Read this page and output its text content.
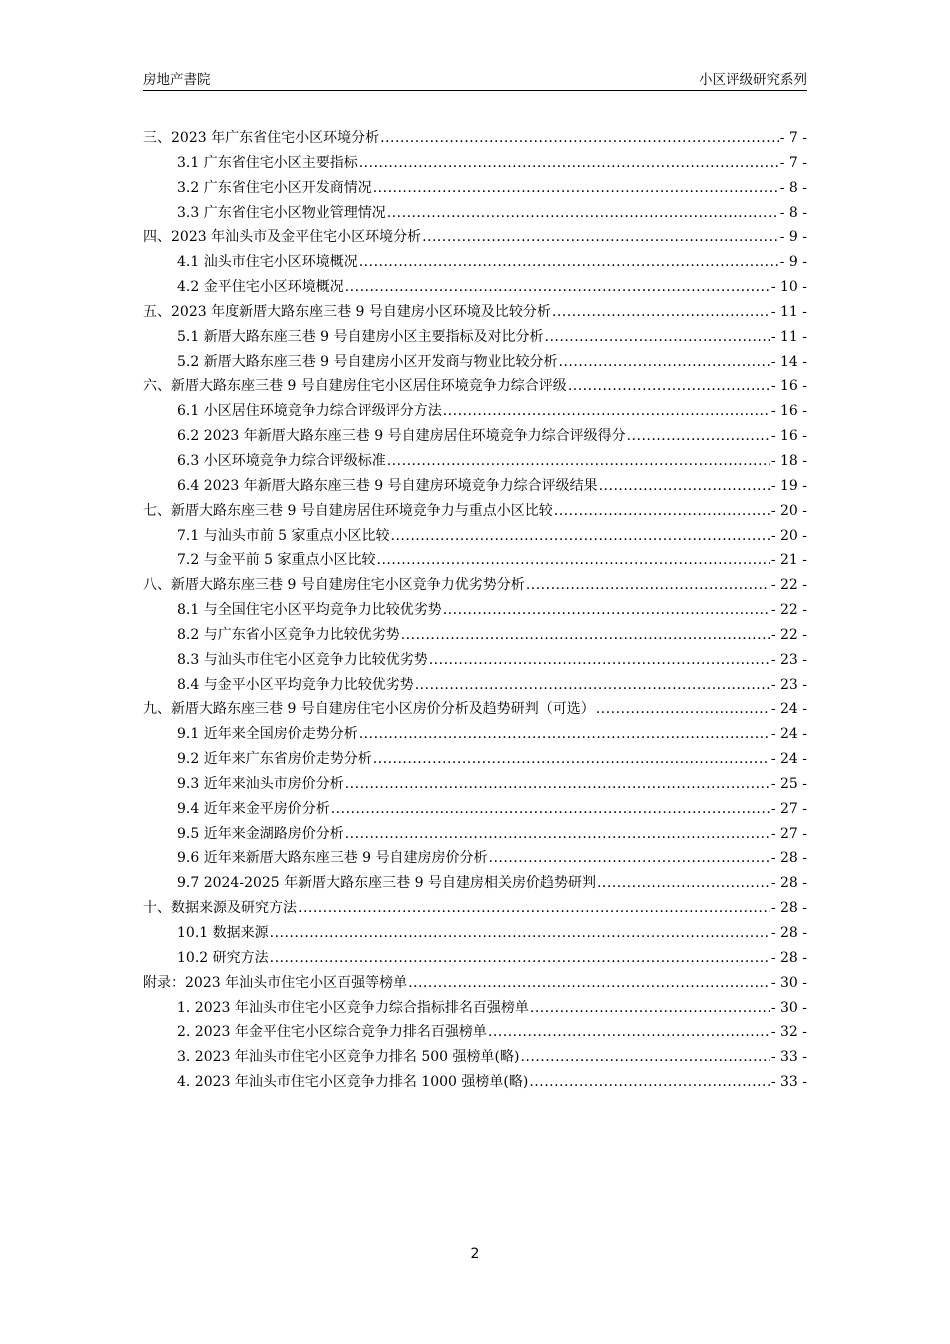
房地产書院	小区评级研究系列
三、2023 年广东省住宅小区环境分析 .....	- 7 -
3.1 广东省住宅小区主要指标 .....	- 7 -
3.2 广东省住宅小区开发商情况 .....	- 8 -
3.3 广东省住宅小区物业管理情况 .....	- 8 -
四、2023 年汕头市及金平住宅小区环境分析 .....	- 9 -
4.1 汕头市住宅小区环境概况 .....	- 9 -
4.2 金平住宅小区环境概况 .....	- 10 -
五、2023 年度新厝大路东座三巷 9 号自建房小区环境及比较分析 .....	- 11 -
5.1 新厝大路东座三巷 9 号自建房小区主要指标及对比分析 .....	- 11 -
5.2 新厝大路东座三巷 9 号自建房小区开发商与物业比较分析 .....	- 14 -
六、新厝大路东座三巷 9 号自建房住宅小区居住环境竞争力综合评级 .....	- 16 -
6.1 小区居住环境竞争力综合评级评分方法 .....	- 16 -
6.2 2023 年新厝大路东座三巷 9 号自建房居住环境竞争力综合评级得分 .....	- 16 -
6.3 小区环境竞争力综合评级标准 .....	- 18 -
6.4 2023 年新厝大路东座三巷 9 号自建房环境竞争力综合评级结果 .....	- 19 -
七、新厝大路东座三巷 9 号自建房居住环境竞争力与重点小区比较 .....	- 20 -
7.1 与汕头市前 5 家重点小区比较 .....	- 20 -
7.2 与金平前 5 家重点小区比较 .....	- 21 -
八、新厝大路东座三巷 9 号自建房住宅小区竞争力优劣势分析 .....	- 22 -
8.1 与全国住宅小区平均竞争力比较优劣势 .....	- 22 -
8.2 与广东省小区竞争力比较优劣势 .....	- 22 -
8.3 与汕头市住宅小区竞争力比较优劣势 .....	- 23 -
8.4 与金平小区平均竞争力比较优劣势 .....	- 23 -
九、新厝大路东座三巷 9 号自建房住宅小区房价分析及趋势研判（可选） .....	- 24 -
9.1 近年来全国房价走势分析 .....	- 24 -
9.2 近年来广东省房价走势分析 .....	- 24 -
9.3 近年来汕头市房价分析 .....	- 25 -
9.4 近年来金平房价分析 .....	- 27 -
9.5 近年来金湖路房价分析 .....	- 27 -
9.6 近年来新厝大路东座三巷 9 号自建房房价分析 .....	- 28 -
9.7 2024-2025 年新厝大路东座三巷 9 号自建房相关房价趋势研判 .....	- 28 -
十、数据来源及研究方法 .....	- 28 -
10.1 数据来源 .....	- 28 -
10.2 研究方法 .....	- 28 -
附录：2023 年汕头市住宅小区百强等榜单 .....	- 30 -
1. 2023 年汕头市住宅小区竞争力综合指标排名百强榜单 .....	- 30 -
2. 2023 年金平住宅小区综合竞争力排名百强榜单 .....	- 32 -
3. 2023 年汕头市住宅小区竞争力排名 500 强榜单(略) .....	- 33 -
4. 2023 年汕头市住宅小区竞争力排名 1000 强榜单(略) .....	- 33 -
2
